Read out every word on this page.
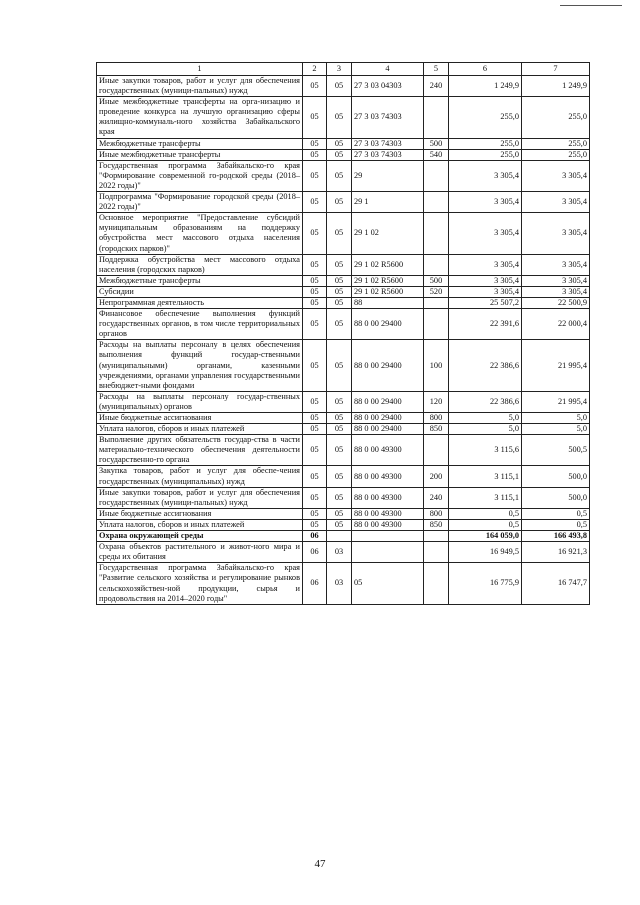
1	2	3	4	5	6	7
Иные закупки товаров, работ и услуг для обеспечения государственных (муници-пальных) нужд	05	05	27 3 03 04303	240	1 249,9	1 249,9
Иные межбюджетные трансферты на орга-низацию и проведение конкурса на лучшую организацию сферы жилищно-коммуналь-ного хозяйства Забайкальского края	05	05	27 3 03 74303		255,0	255,0
Межбюджетные трансферты	05	05	27 3 03 74303	500	255,0	255,0
Иные межбюджетные трансферты	05	05	27 3 03 74303	540	255,0	255,0
Государственная программа Забайкальско-го края "Формирование современной го-родской среды (2018–2022 годы)"	05	05	29		3 305,4	3 305,4
Подпрограмма "Формирование городской среды (2018–2022 годы)"	05	05	29 1		3 305,4	3 305,4
Основное мероприятие "Предоставление субсидий муниципальным образованиям на поддержку обустройства мест массового отдыха населения (городских парков)"	05	05	29 1 02		3 305,4	3 305,4
Поддержка обустройства мест массового отдыха населения (городских парков)	05	05	29 1 02 R5600		3 305,4	3 305,4
Межбюджетные трансферты	05	05	29 1 02 R5600	500	3 305,4	3 305,4
Субсидии	05	05	29 1 02 R5600	520	3 305,4	3 305,4
Непрограммная деятельность	05	05	88		25 507,2	22 500,9
Финансовое обеспечение выполнения функций государственных органов, в том числе территориальных органов	05	05	88 0 00 29400		22 391,6	22 000,4
Расходы на выплаты персоналу в целях обеспечения выполнения функций государ-ственными (муниципальными) органами, казенными учреждениями, органами управления государственными внебюджет-ными фондами	05	05	88 0 00 29400	100	22 386,6	21 995,4
Расходы на выплаты персоналу государ-ственных (муниципальных) органов	05	05	88 0 00 29400	120	22 386,6	21 995,4
Иные бюджетные ассигнования	05	05	88 0 00 29400	800	5,0	5,0
Уплата налогов, сборов и иных платежей	05	05	88 0 00 29400	850	5,0	5,0
Выполнение других обязательств государ-ства в части материально-технического обеспечения деятельности государственно-го органа	05	05	88 0 00 49300		3 115,6	500,5
Закупка товаров, работ и услуг для обеспе-чения государственных (муниципальных) нужд	05	05	88 0 00 49300	200	3 115,1	500,0
Иные закупки товаров, работ и услуг для обеспечения государственных (муници-пальных) нужд	05	05	88 0 00 49300	240	3 115,1	500,0
Иные бюджетные ассигнования	05	05	88 0 00 49300	800	0,5	0,5
Уплата налогов, сборов и иных платежей	05	05	88 0 00 49300	850	0,5	0,5
Охрана окружающей среды	06				164 059,0	166 493,8
Охрана объектов растительного и живот-ного мира и среды их обитания	06	03			16 949,5	16 921,3
Государственная программа Забайкальско-го края "Развитие сельского хозяйства и регулирование рынков сельскохозяйствен-ной продукции, сырья и продовольствия на 2014–2020 годы"	06	03	05		16 775,9	16 747,7
47
